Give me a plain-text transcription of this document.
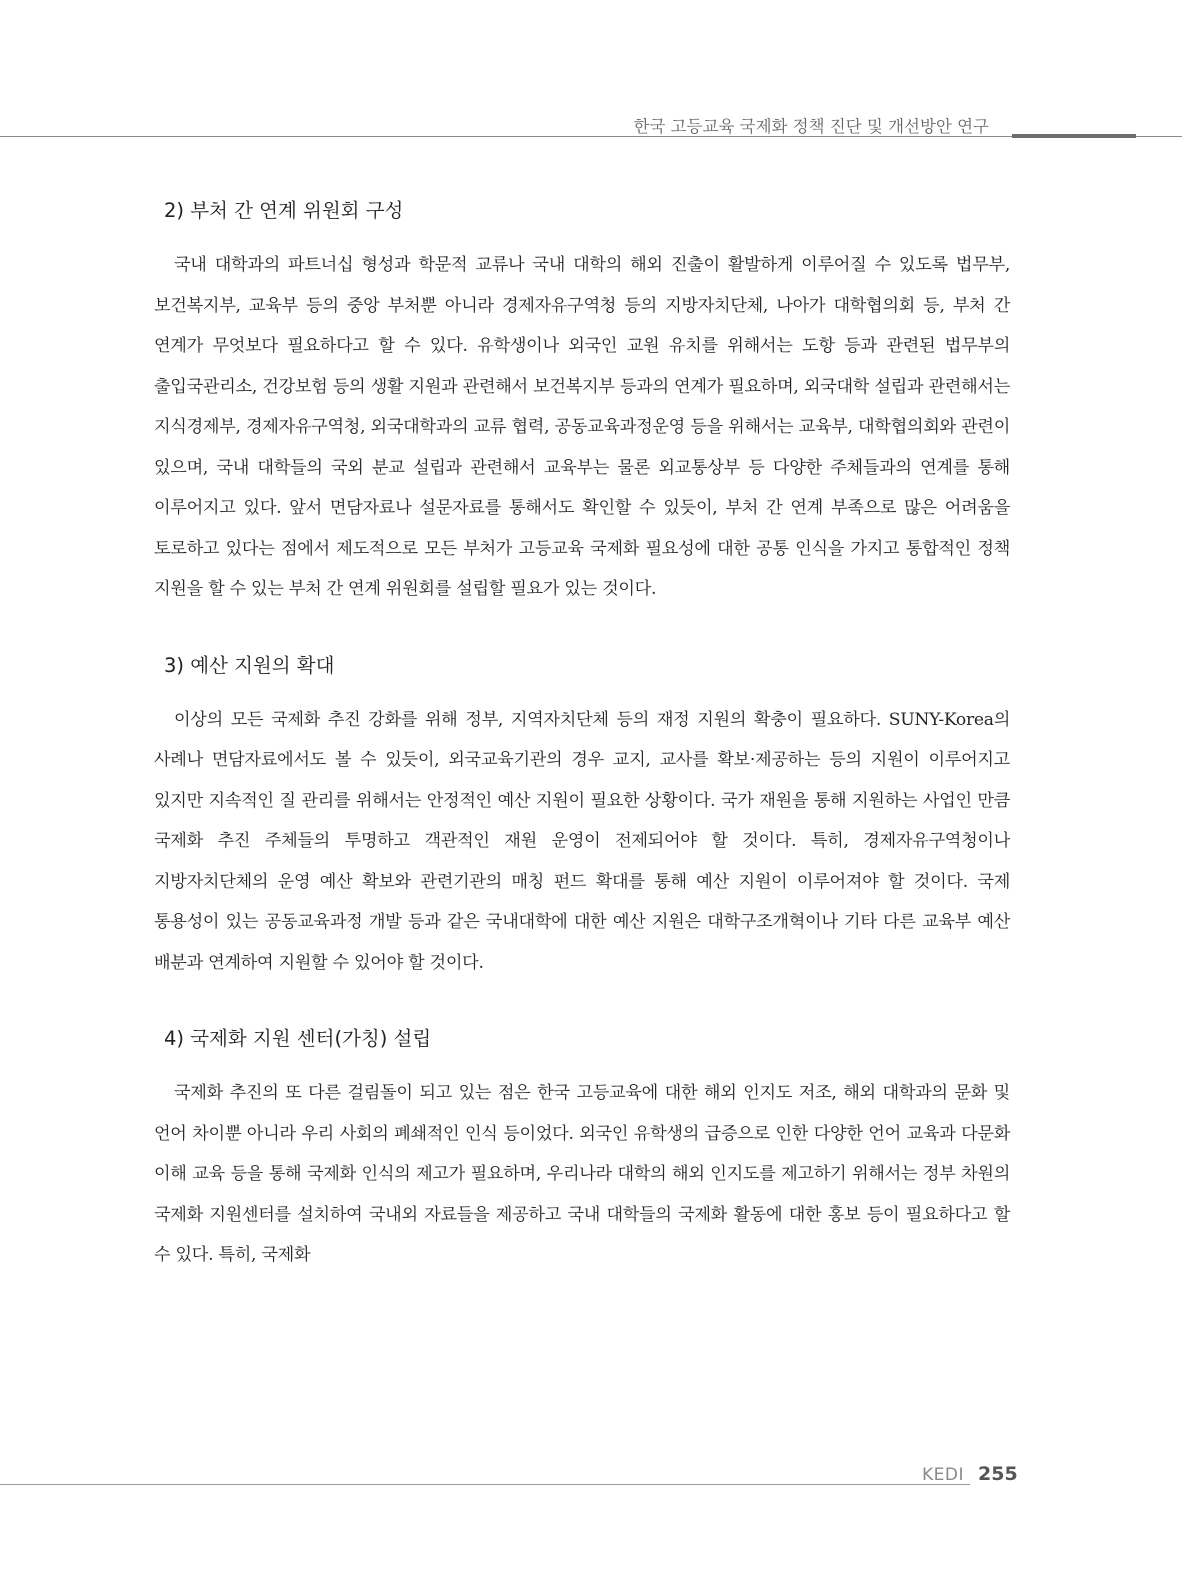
한국 고등교육 국제화 정책 진단 및 개선방안 연구
2) 부처 간 연계 위원회 구성

국내 대학과의 파트너십 형성과 학문적 교류나 국내 대학의 해외 진출이 활발하게 이루어질 수 있도록 법무부, 보건복지부, 교육부 등의 중앙 부처뿐 아니라 경제자유구역청 등의 지방자치단체, 나아가 대학협의회 등, 부처 간 연계가 무엇보다 필요하다고 할 수 있다. 유학생이나 외국인 교원 유치를 위해서는 도항 등과 관련된 법무부의 출입국관리소, 건강보험 등의 생활 지원과 관련해서 보건복지부 등과의 연계가 필요하며, 외국대학 설립과 관련해서는 지식경제부, 경제자유구역청, 외국대학과의 교류 협력, 공동교육과정운영 등을 위해서는 교육부, 대학협의회와 관련이 있으며, 국내 대학들의 국외 분교 설립과 관련해서 교육부는 물론 외교통상부 등 다양한 주체들과의 연계를 통해 이루어지고 있다. 앞서 면담자료나 설문자료를 통해서도 확인할 수 있듯이, 부처 간 연계 부족으로 많은 어려움을 토로하고 있다는 점에서 제도적으로 모든 부처가 고등교육 국제화 필요성에 대한 공통 인식을 가지고 통합적인 정책 지원을 할 수 있는 부처 간 연계 위원회를 설립할 필요가 있는 것이다.

3) 예산 지원의 확대

이상의 모든 국제화 추진 강화를 위해 정부, 지역자치단체 등의 재정 지원의 확충이 필요하다. SUNY-Korea의 사례나 면담자료에서도 볼 수 있듯이, 외국교육기관의 경우 교지, 교사를 확보·제공하는 등의 지원이 이루어지고 있지만 지속적인 질 관리를 위해서는 안정적인 예산 지원이 필요한 상황이다. 국가 재원을 통해 지원하는 사업인 만큼 국제화 추진 주체들의 투명하고 객관적인 재원 운영이 전제되어야 할 것이다. 특히, 경제자유구역청이나 지방자치단체의 운영 예산 확보와 관련기관의 매칭 펀드 확대를 통해 예산 지원이 이루어져야 할 것이다. 국제 통용성이 있는 공동교육과정 개발 등과 같은 국내대학에 대한 예산 지원은 대학구조개혁이나 기타 다른 교육부 예산 배분과 연계하여 지원할 수 있어야 할 것이다.

4) 국제화 지원 센터(가칭) 설립

국제화 추진의 또 다른 걸림돌이 되고 있는 점은 한국 고등교육에 대한 해외 인지도 저조, 해외 대학과의 문화 및 언어 차이뿐 아니라 우리 사회의 폐쇄적인 인식 등이었다. 외국인 유학생의 급증으로 인한 다양한 언어 교육과 다문화 이해 교육 등을 통해 국제화 인식의 제고가 필요하며, 우리나라 대학의 해외 인지도를 제고하기 위해서는 정부 차원의 국제화 지원센터를 설치하여 국내외 자료들을 제공하고 국내 대학들의 국제화 활동에 대한 홍보 등이 필요하다고 할 수 있다. 특히, 국제화

KEDI 255
